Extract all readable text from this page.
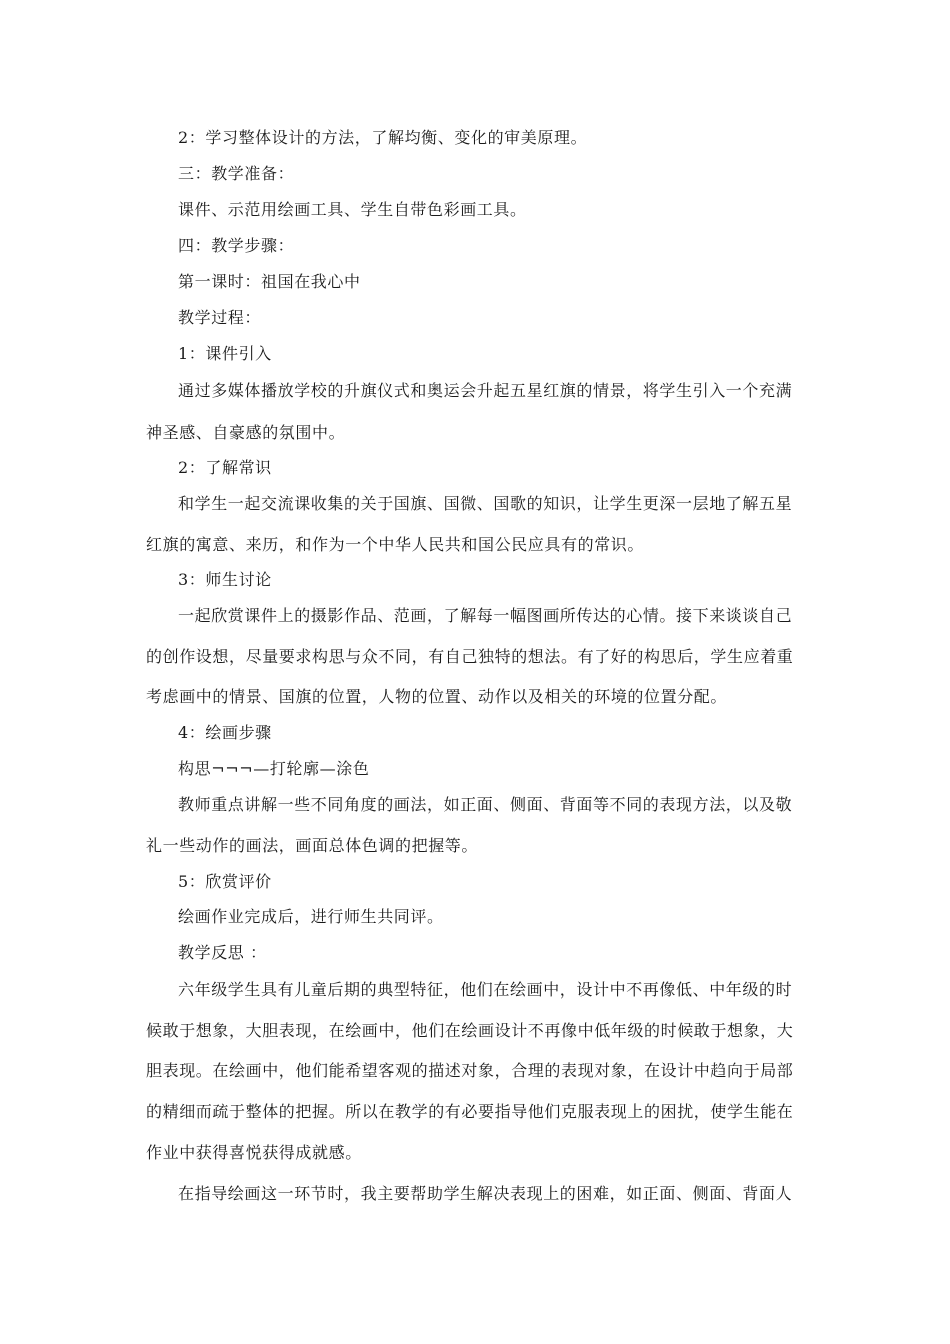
2：学习整体设计的方法，了解均衡、变化的审美原理。
三：教学准备：
课件、示范用绘画工具、学生自带色彩画工具。
四：教学步骤：
第一课时：祖国在我心中
教学过程：
1：课件引入
通过多媒体播放学校的升旗仪式和奥运会升起五星红旗的情景，将学生引入一个充满
神圣感、自豪感的氛围中。
2：了解常识
和学生一起交流课收集的关于国旗、国微、国歌的知识，让学生更深一层地了解五星
红旗的寓意、来历，和作为一个中华人民共和国公民应具有的常识。
3：师生讨论
一起欣赏课件上的摄影作品、范画，了解每一幅图画所传达的心情。接下来谈谈自己
的创作设想，尽量要求构思与众不同，有自己独特的想法。有了好的构思后，学生应着重
考虑画中的情景、国旗的位置，人物的位置、动作以及相关的环境的位置分配。
4：绘画步骤
构思¬¬¬—打轮廓—涂色
教师重点讲解一些不同角度的画法，如正面、侧面、背面等不同的表现方法，以及敬
礼一些动作的画法，画面总体色调的把握等。
5：欣赏评价
绘画作业完成后，进行师生共同评。
教学反思 ：
六年级学生具有儿童后期的典型特征，他们在绘画中，设计中不再像低、中年级的时
候敢于想象，大胆表现，在绘画中，他们在绘画设计不再像中低年级的时候敢于想象，大
胆表现。在绘画中，他们能希望客观的描述对象，合理的表现对象，在设计中趋向于局部
的精细而疏于整体的把握。所以在教学的有必要指导他们克服表现上的困扰，使学生能在
作业中获得喜悦获得成就感。
在指导绘画这一环节时，我主要帮助学生解决表现上的困难，如正面、侧面、背面人
